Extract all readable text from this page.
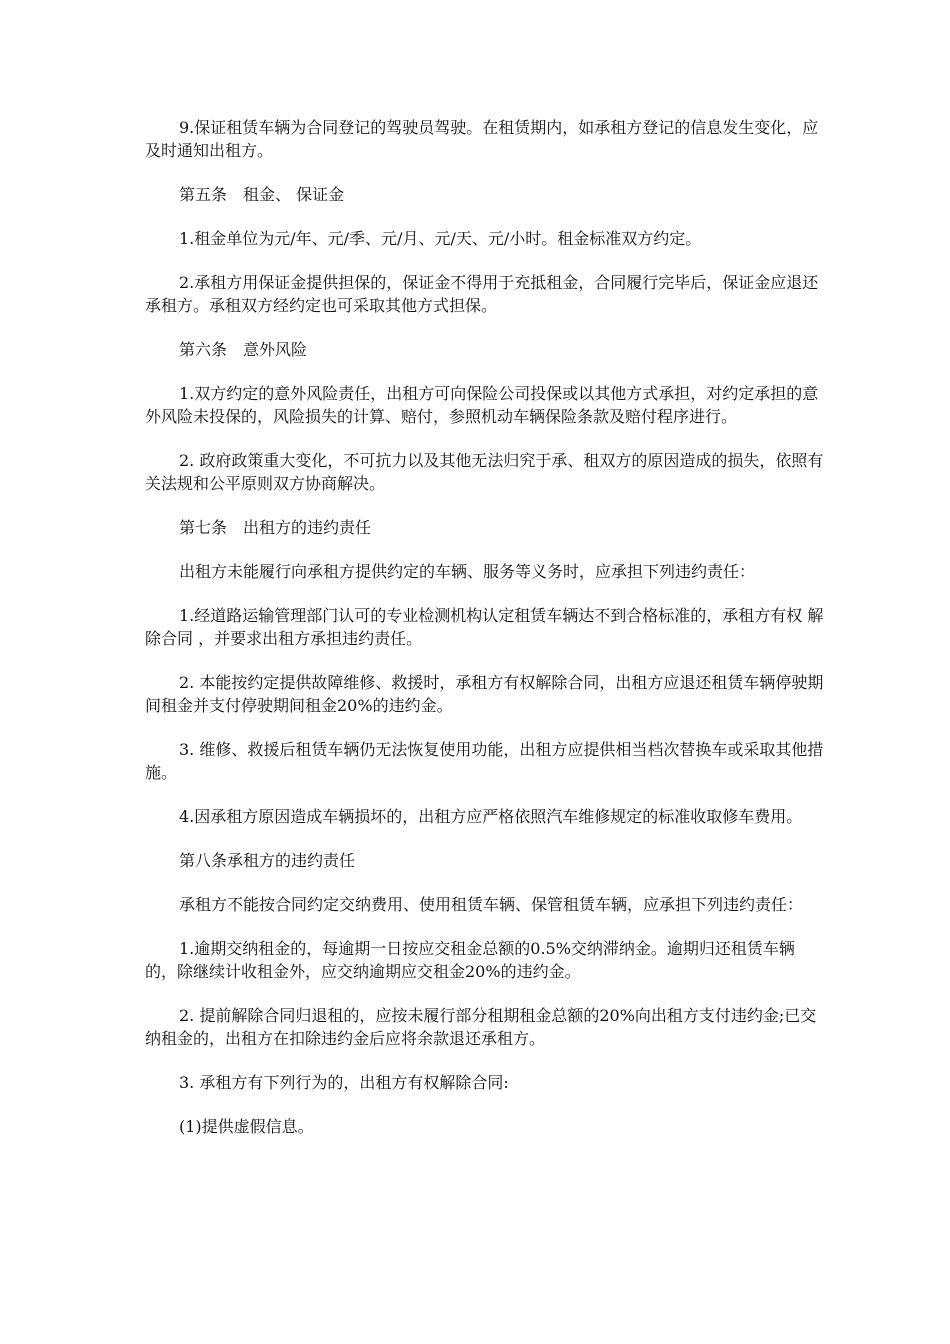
9.保证租赁车辆为合同登记的驾驶员驾驶。在租赁期内，如承租方登记的信息发生变化，应及时通知出租方。

第五条　租金、 保证金

1.租金单位为元/年、元/季、元/月、元/天、元/小时。租金标准双方约定。

2.承租方用保证金提供担保的，保证金不得用于充抵租金，合同履行完毕后，保证金应退还承租方。承租双方经约定也可采取其他方式担保。

第六条　意外风险

1.双方约定的意外风险责任，出租方可向保险公司投保或以其他方式承担，对约定承担的意外风险未投保的，风险损失的计算、赔付，参照机动车辆保险条款及赔付程序进行。

2. 政府政策重大变化，不可抗力以及其他无法归究于承、租双方的原因造成的损失，依照有关法规和公平原则双方协商解决。

第七条　出租方的违约责任

出租方未能履行向承租方提供约定的车辆、服务等义务时，应承担下列违约责任：

1.经道路运输管理部门认可的专业检测机构认定租赁车辆达不到合格标准的，承租方有权 解除合同 ，并要求出租方承担违约责任。

2. 本能按约定提供故障维修、救援时，承租方有权解除合同，出租方应退还租赁车辆停驶期间租金并支付停驶期间租金20%的违约金。

3. 维修、救援后租赁车辆仍无法恢复使用功能，出租方应提供相当档次替换车或采取其他措施。

4.因承租方原因造成车辆损坏的，出租方应严格依照汽车维修规定的标准收取修车费用。

第八条承租方的违约责任

承租方不能按合同约定交纳费用、使用租赁车辆、保管租赁车辆，应承担下列违约责任：

1.逾期交纳租金的，每逾期一日按应交租金总额的0.5%交纳滞纳金。逾期归还租赁车辆的，除继续计收租金外，应交纳逾期应交租金20%的违约金。

2. 提前解除合同归退租的，应按未履行部分租期租金总额的20%向出租方支付违约金;已交纳租金的，出租方在扣除违约金后应将余款退还承租方。

3. 承租方有下列行为的，出租方有权解除合同:

(1)提供虚假信息。
